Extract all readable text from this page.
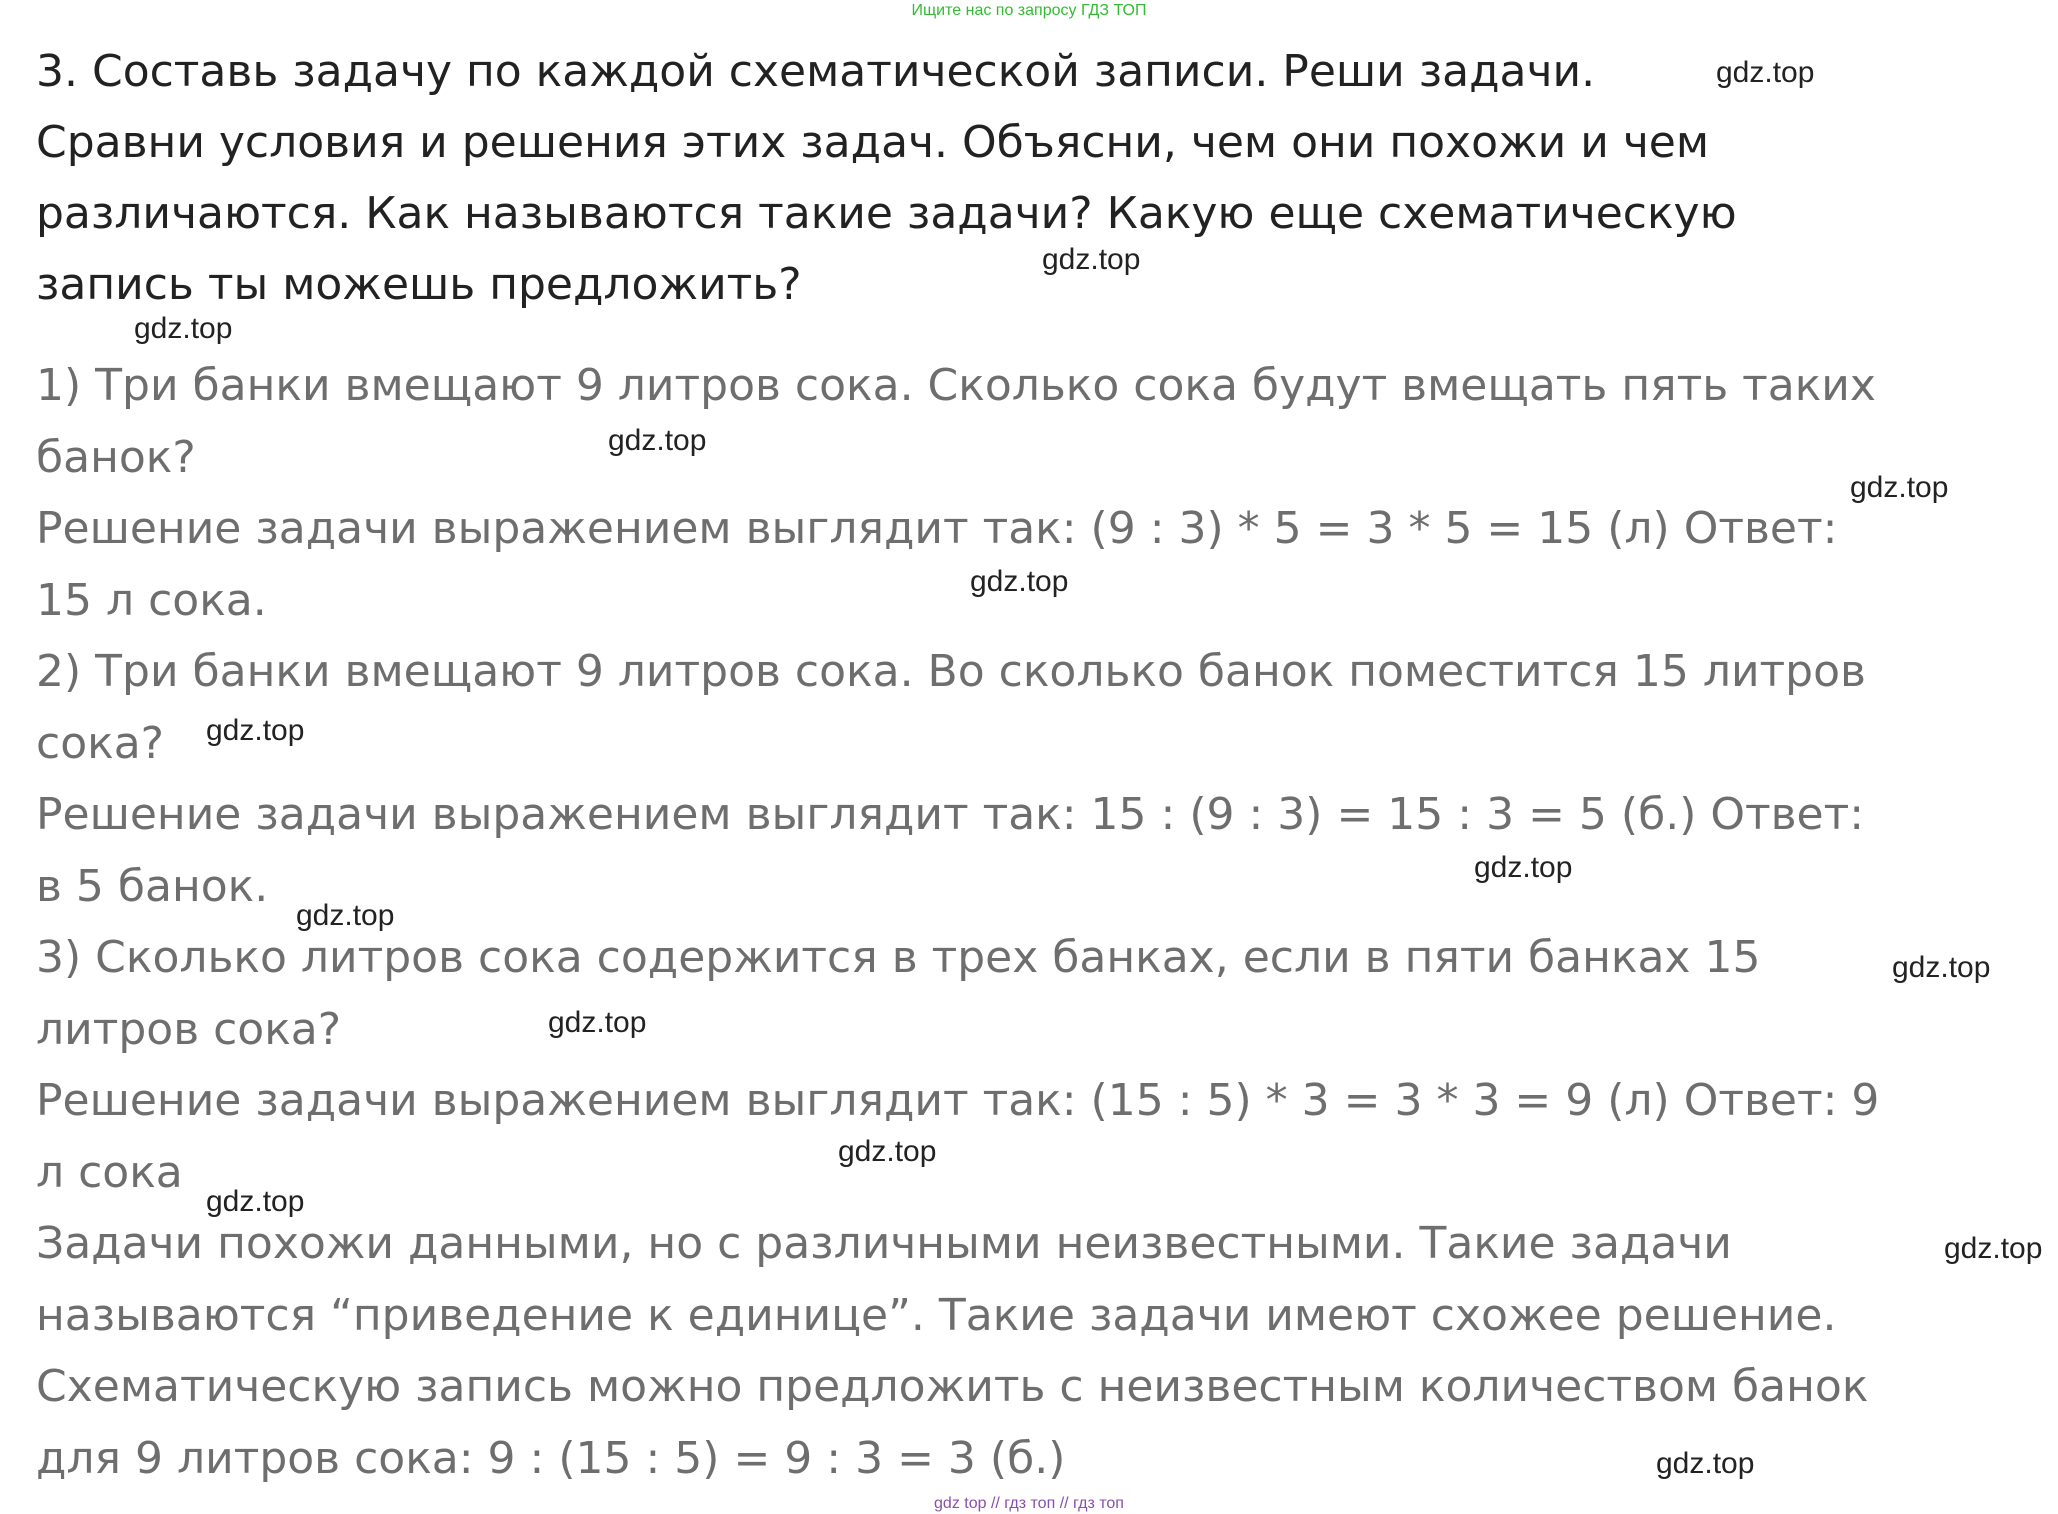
Ищите нас по запросу ГДЗ ТОП
3. Составь задачу по каждой схематической записи. Реши задачи.
Сравни условия и решения этих задач. Объясни, чем они похожи и чем
различаются. Как называются такие задачи? Какую еще схематическую
запись ты можешь предложить?
1) Три банки вмещают 9 литров сока. Сколько сока будут вмещать пять таких
банок?
Решение задачи выражением выглядит так: (9 : 3) * 5 = 3 * 5 = 15 (л) Ответ:
15 л сока.
2) Три банки вмещают 9 литров сока. Во сколько банок поместится 15 литров
сока?
Решение задачи выражением выглядит так: 15 : (9 : 3) = 15 : 3 = 5 (б.) Ответ:
в 5 банок.
3) Сколько литров сока содержится в трех банках, если в пяти банках 15
литров сока?
Решение задачи выражением выглядит так: (15 : 5) * 3 = 3 * 3 = 9 (л) Ответ: 9
л сока
Задачи похожи данными, но с различными неизвестными. Такие задачи
называются “приведение к единице”. Такие задачи имеют схожее решение.
Схематическую запись можно предложить с неизвестным количеством банок
для 9 литров сока: 9 : (15 : 5) = 9 : 3 = 3 (б.)
gdz.top
gdz.top
gdz.top
gdz.top
gdz.top
gdz.top
gdz.top
gdz.top
gdz.top
gdz.top
gdz.top
gdz.top
gdz.top
gdz.top
gdz.top
gdz top // гдз топ // гдз топ
